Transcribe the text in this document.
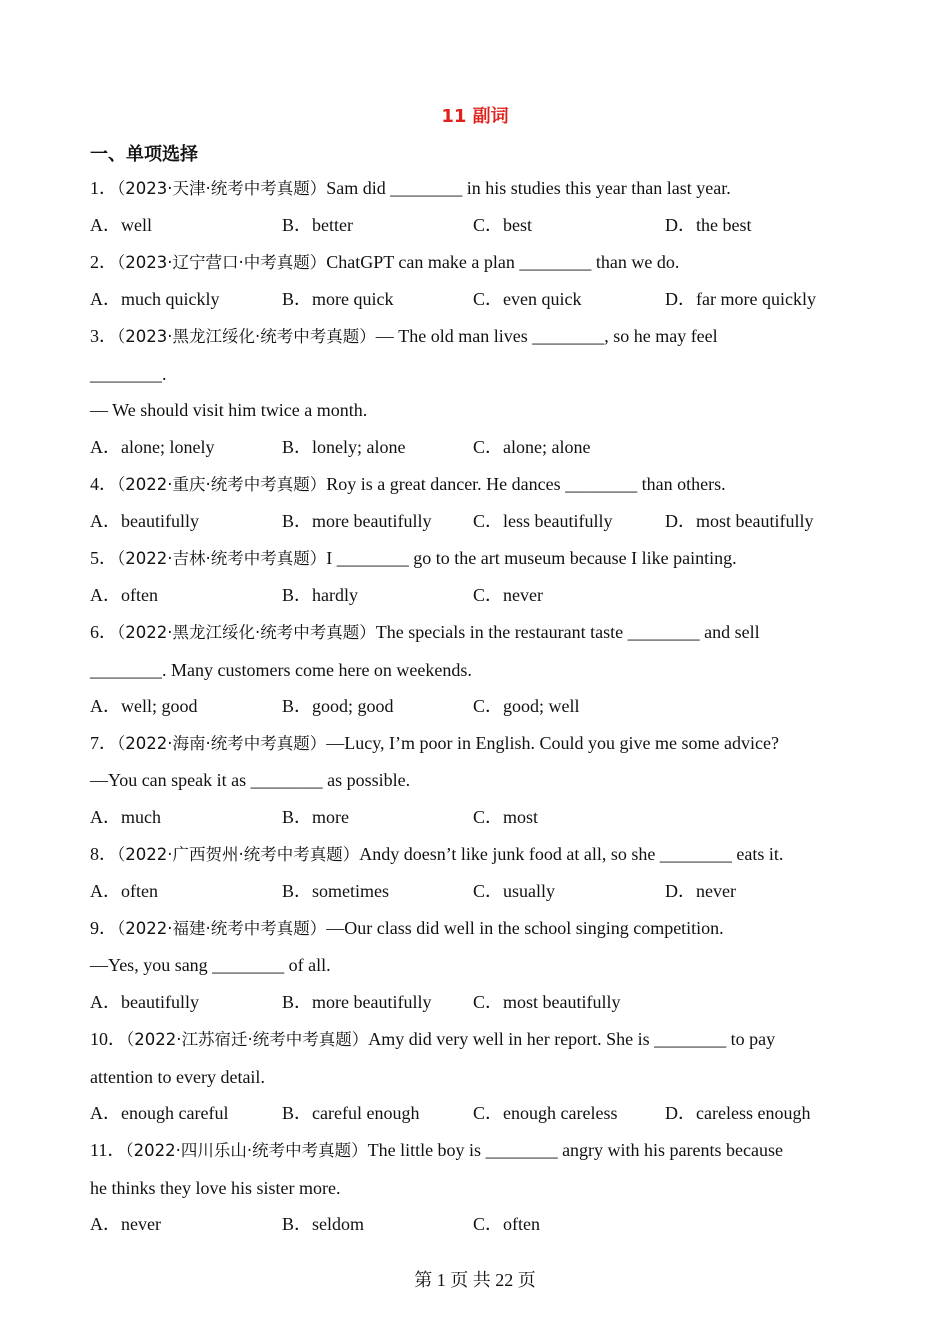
11 副词
一、单项选择
1．（2023·天津·统考中考真题）Sam did ________ in his studies this year than last year.
A．well	B．better	C．best	D．the best
2．（2023·辽宁营口·中考真题）ChatGPT can make a plan ________ than we do.
A．much quickly	B．more quick	C．even quick	D．far more quickly
3．（2023·黑龙江绥化·统考中考真题）— The old man lives ________, so he may feel
________.
— We should visit him twice a month.
A．alone; lonely	B．lonely; alone	C．alone; alone
4．（2022·重庆·统考中考真题）Roy is a great dancer. He dances ________ than others.
A．beautifully	B．more beautifully C．less beautifully	D．most beautifully
5．（2022·吉林·统考中考真题）I ________ go to the art museum because I like painting.
A．often	B．hardly	C．never
6．（2022·黑龙江绥化·统考中考真题）The specials in the restaurant taste ________ and sell
________. Many customers come here on weekends.
A．well; good	B．good; good	C．good; well
7．（2022·海南·统考中考真题）—Lucy, I’m poor in English. Could you give me some advice?
—You can speak it as ________ as possible.
A．much	B．more	C．most
8．（2022·广西贺州·统考中考真题）Andy doesn’t like junk food at all, so she ________ eats it.
A．often	B．sometimes	C．usually	D．never
9．（2022·福建·统考中考真题）—Our class did well in the school singing competition.
—Yes, you sang ________ of all.
A．beautifully	B．more beautifully C．most beautifully
10．（2022·江苏宿迁·统考中考真题）Amy did very well in her report. She is ________ to pay
attention to every detail.
A．enough careful	B．careful enough	C．enough careless	D．careless enough
11．（2022·四川乐山·统考中考真题）The little boy is ________ angry with his parents because
he thinks they love his sister more.
A．never	B．seldom	C．often
第 1 页 共 22 页
